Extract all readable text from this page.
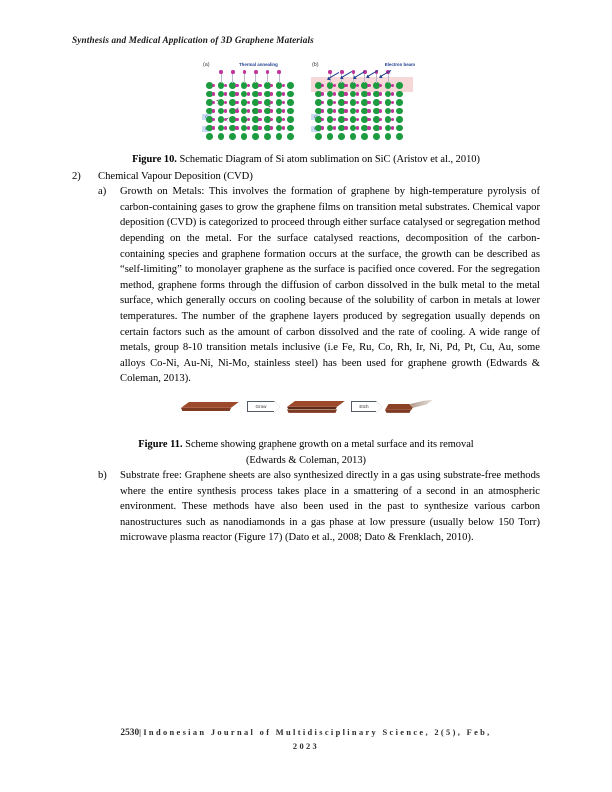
Synthesis and Medical Application of 3D Graphene Materials
Thermal annealing	Electron beam
(a)	(b)

Figure 10. Schematic Diagram of Si atom sublimation on SiC (Aristov et al., 2010)

2)	Chemical Vapour Deposition (CVD)
a)	Growth on Metals: This involves the formation of graphene by high-temperature pyrolysis of carbon-containing gases to grow the graphene films on transition metal substrates. Chemical vapor deposition (CVD) is categorized to proceed through either surface catalysed or segregation method depending on the metal. For the surface catalysed reactions, decomposition of the carbon-containing species and graphene formation occurs at the surface, the growth can be described as “self-limiting” to monolayer graphene as the surface is pacified once covered. For the segregation method, graphene forms through the diffusion of carbon dissolved in the bulk metal to the metal surface, which generally occurs on cooling because of the solubility of carbon in metals at lower temperatures. The number of the graphene layers produced by segregation usually depends on certain factors such as the amount of carbon dissolved and the rate of cooling. A wide range of metals, group 8-10 transition metals inclusive (i.e Fe, Ru, Co, Rh, Ir, Ni, Pd, Pt, Cu, Au, some alloys Co-Ni, Au-Ni, Ni-Mo, stainless steel) has been used for graphene growth (Edwards & Coleman, 2013).
Grow	Etch

Figure 11. Scheme showing graphene growth on a metal surface and its removal
(Edwards & Coleman, 2013)

b)	Substrate free: Graphene sheets are also synthesized directly in a gas using substrate-free methods where the entire synthesis process takes place in a smattering of a second in an atmospheric environment. These methods have also been used in the past to synthesize various carbon nanostructures such as nanodiamonds in a gas phase at low pressure (usually below 150 Torr) microwave plasma reactor (Figure 17) (Dato et al., 2008; Dato & Frenklach, 2010).
2530|Indonesian Journal of Multidisciplinary Science, 2(5), Feb,
2023
